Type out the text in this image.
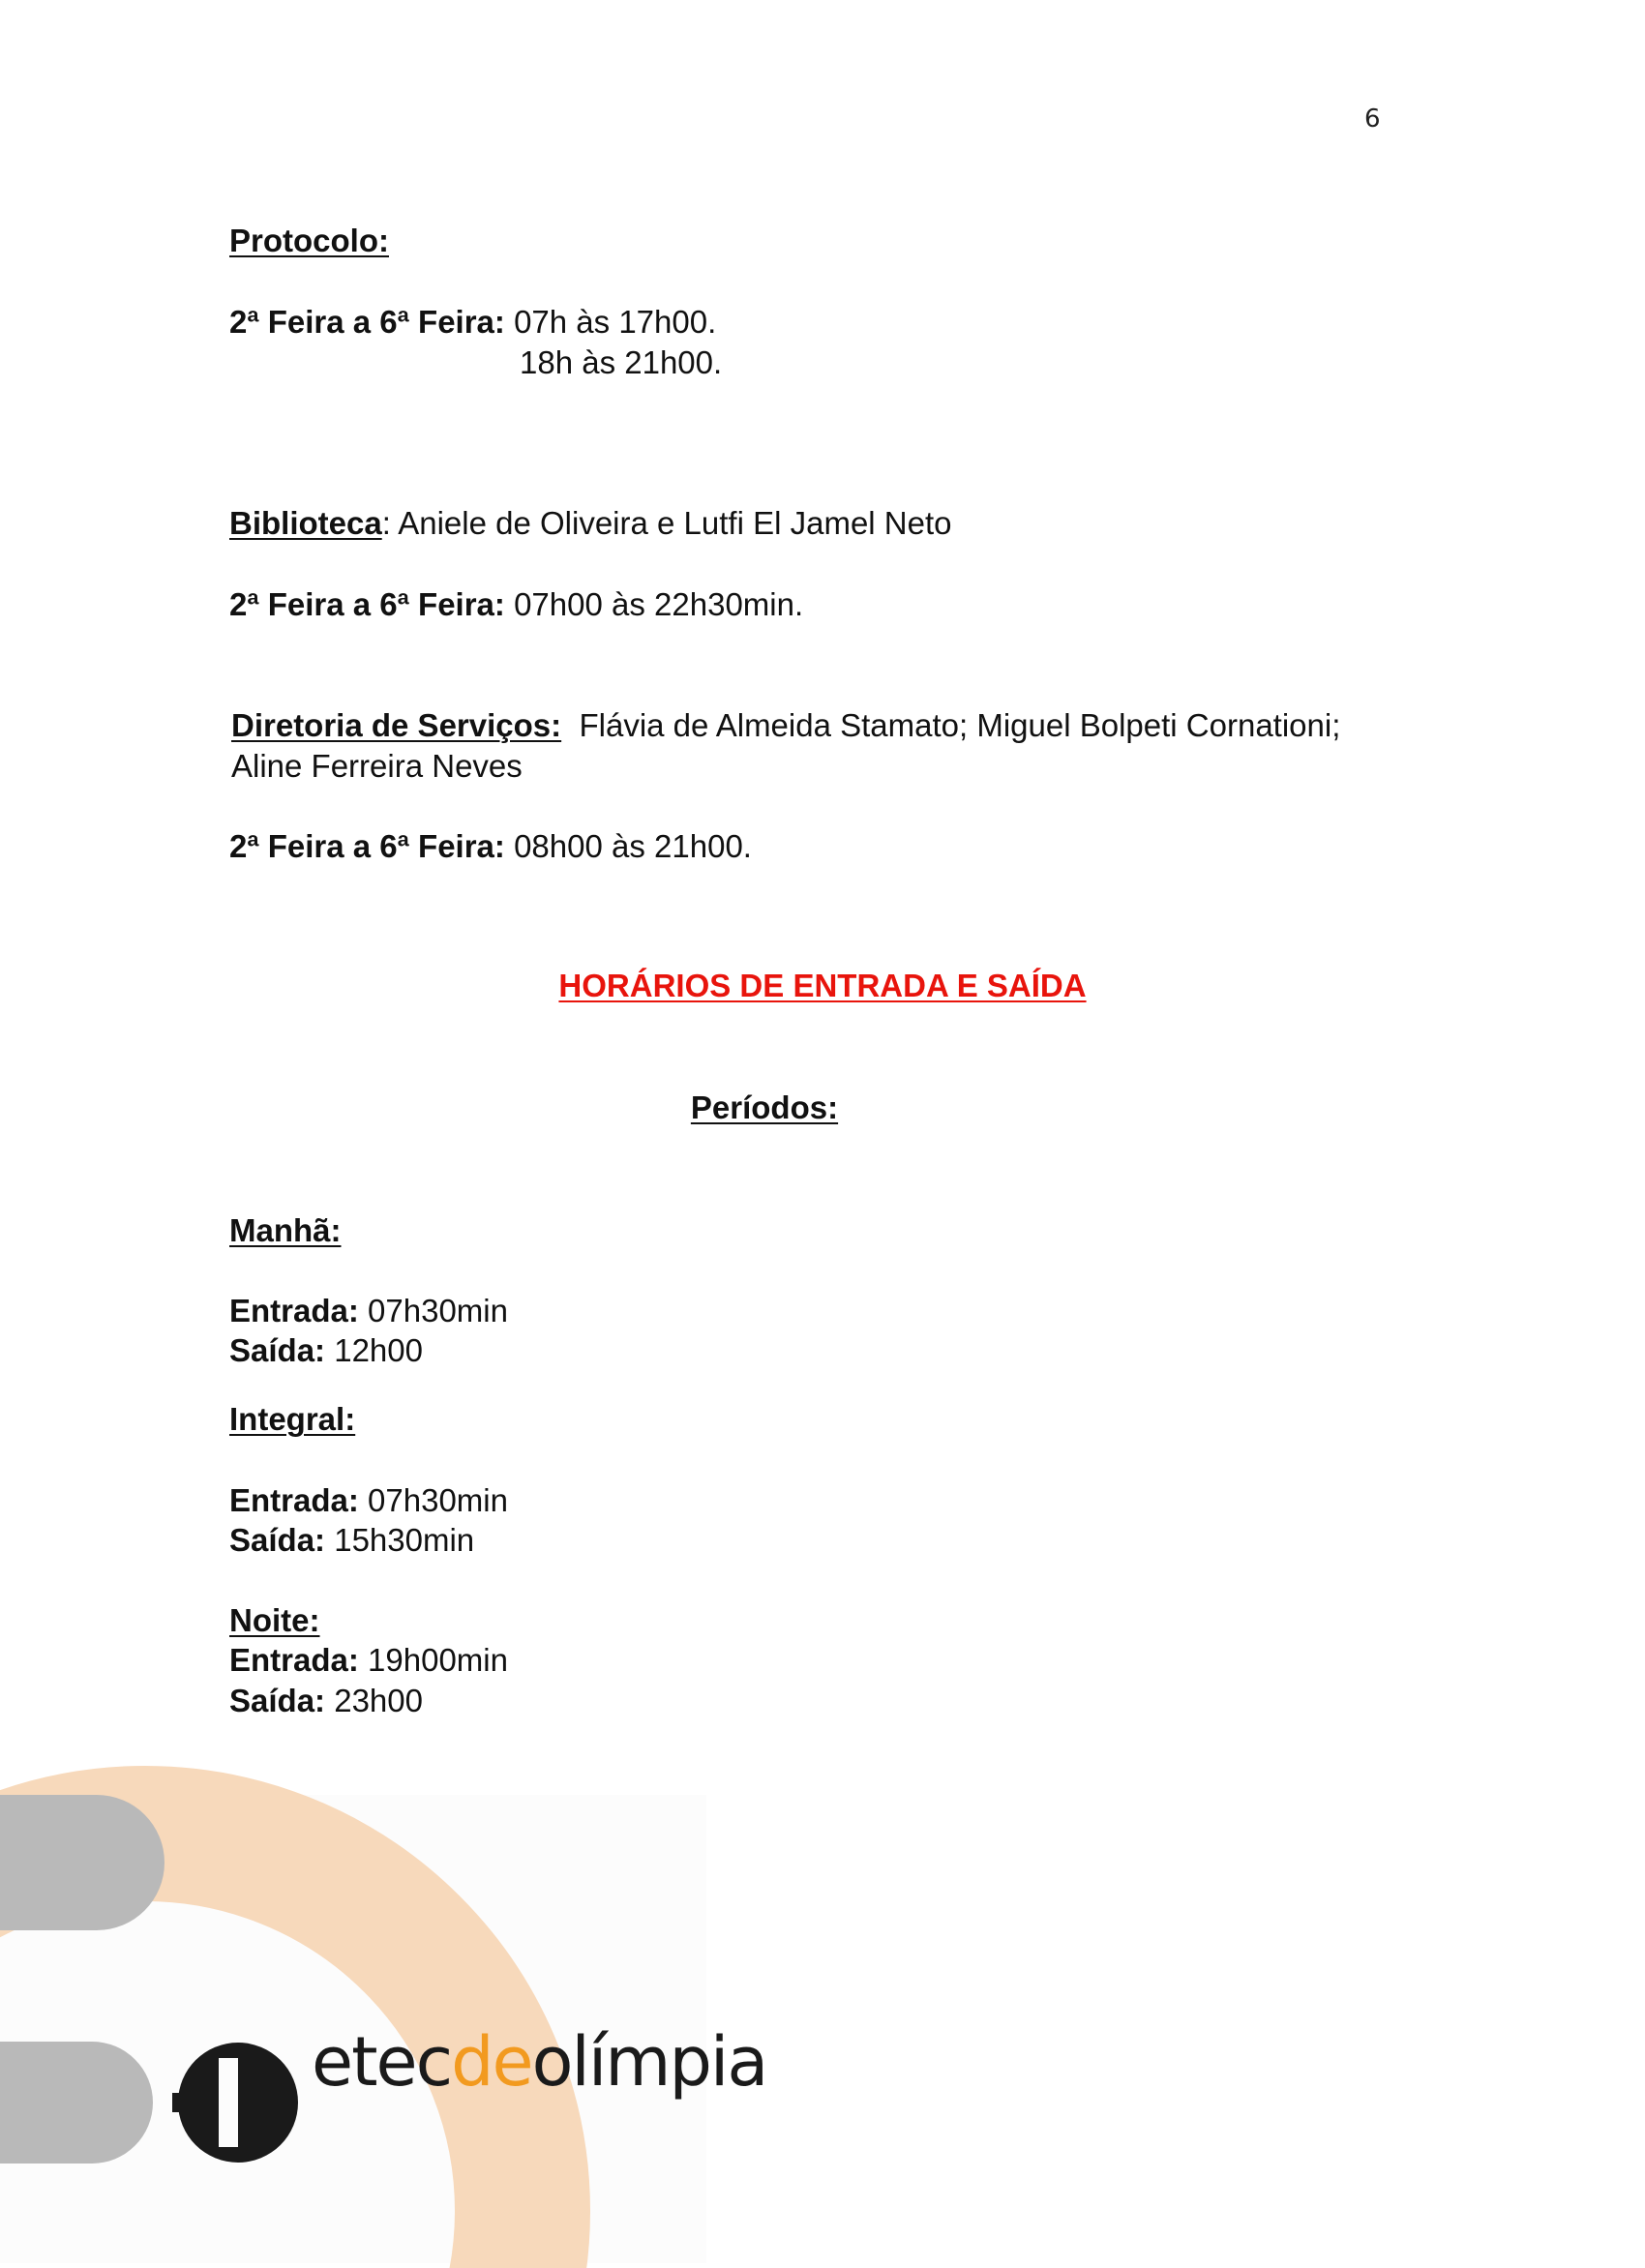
6
Protocolo:
2ª Feira a 6ª Feira: 07h às 17h00.
18h às 21h00.
Biblioteca: Aniele de Oliveira e Lutfi El Jamel Neto
2ª Feira a 6ª Feira: 07h00 às 22h30min.
Diretoria de Serviços:  Flávia de Almeida Stamato; Miguel Bolpeti Cornationi;
Aline Ferreira Neves
2ª Feira a 6ª Feira: 08h00 às 21h00.
HORÁRIOS DE ENTRADA E SAÍDA
Períodos:
Manhã:
Entrada: 07h30min
Saída: 12h00
Integral:
Entrada: 07h30min
Saída: 15h30min
Noite:
Entrada: 19h00min
Saída: 23h00
etecdeolímpia
